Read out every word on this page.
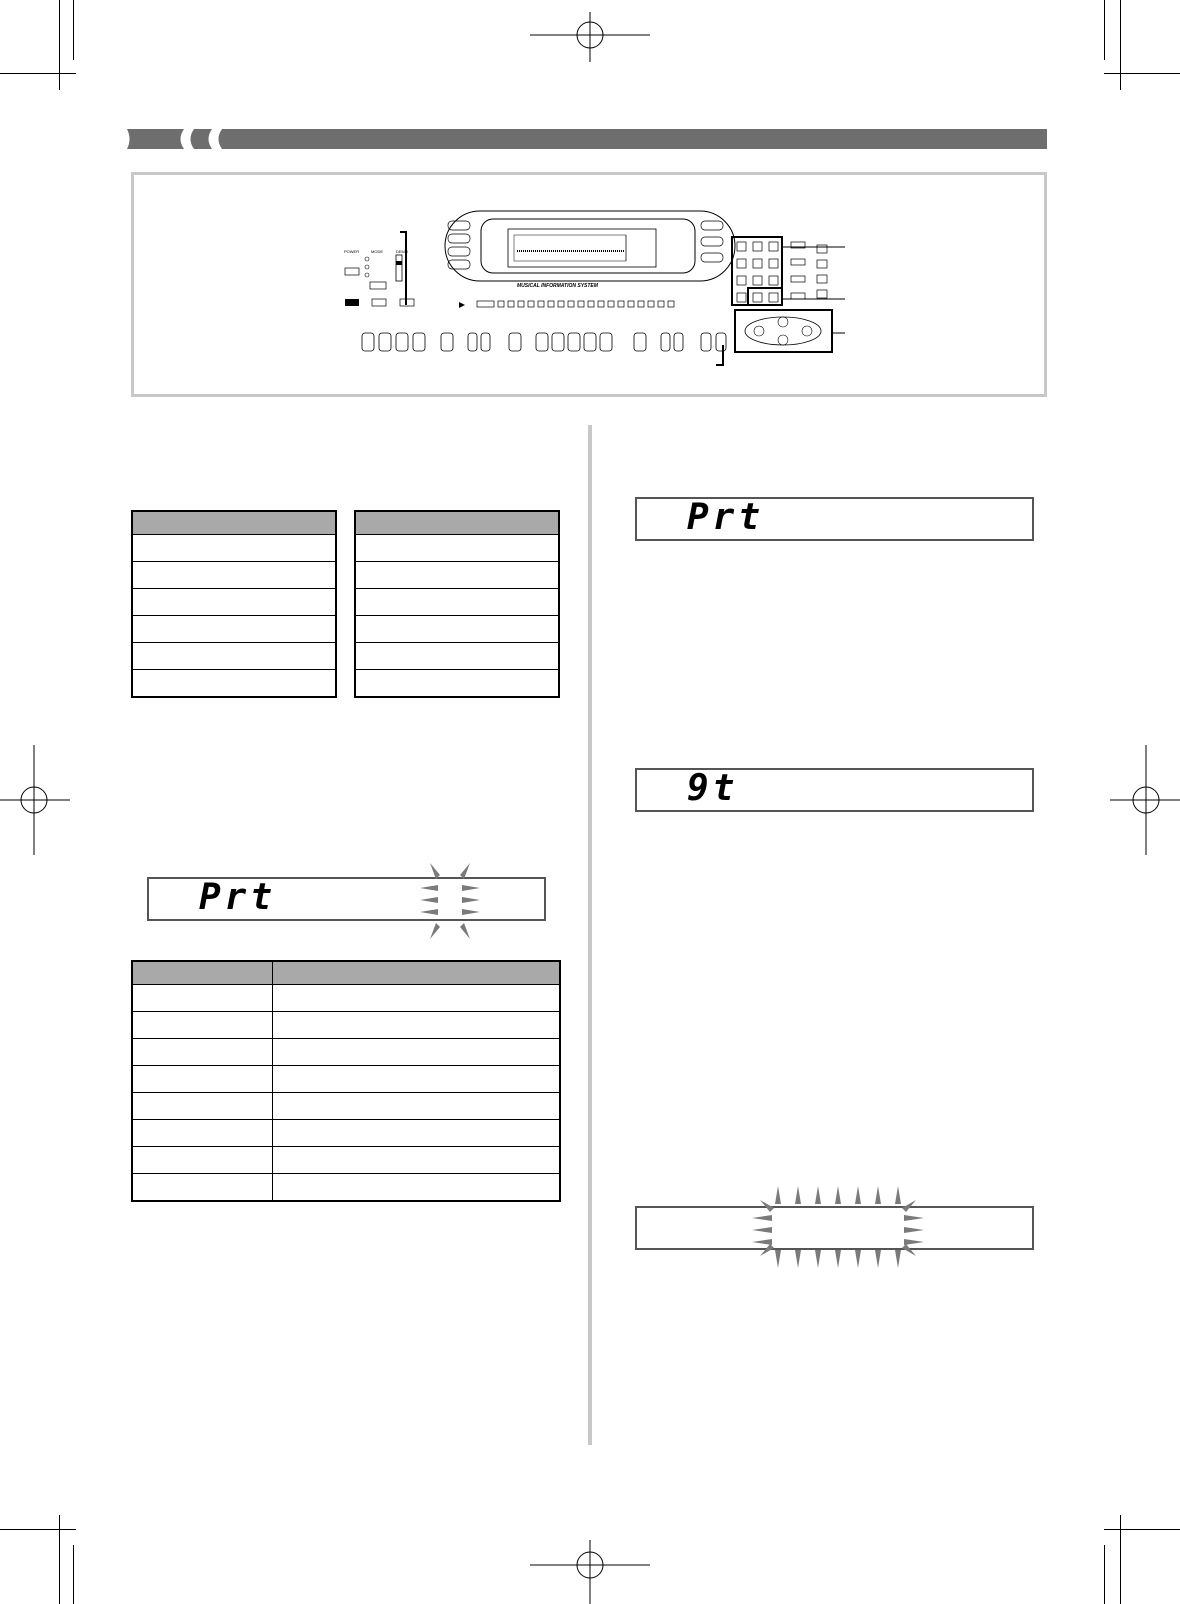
MUSICAL INFORMATION SYSTEM
POWER	MODE	DEMO

Prt

Prt
9t
